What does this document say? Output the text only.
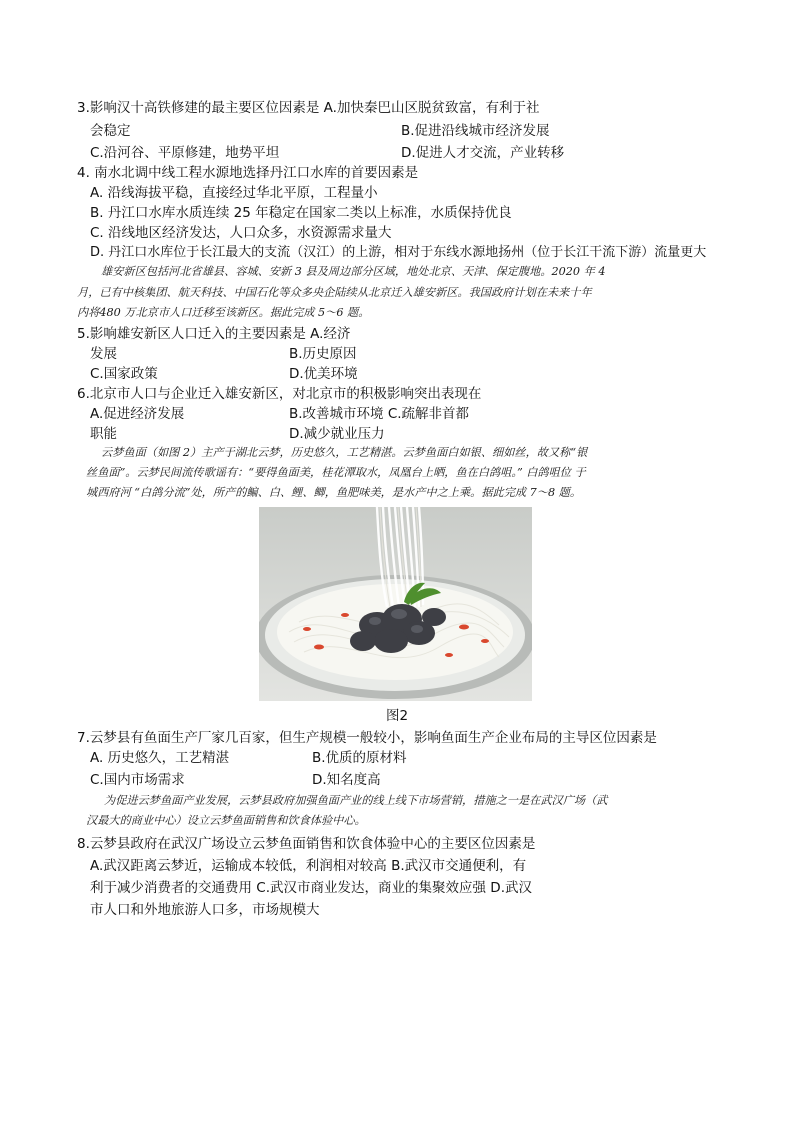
3.影响汉十高铁修建的最主要区位因素是 A.加快秦巴山区脱贫致富，有利于社
会稳定	B.促进沿线城市经济发展
C.沿河谷、平原修建，地势平坦	D.促进人才交流，产业转移
4. 南水北调中线工程水源地选择丹江口水库的首要因素是
A. 沿线海拔平稳，直接经过华北平原，工程量小
B. 丹江口水库水质连续 25 年稳定在国家二类以上标准，水质保持优良
C. 沿线地区经济发达，人口众多，水资源需求量大
D. 丹江口水库位于长江最大的支流（汉江）的上游，相对于东线水源地扬州（位于长江干流下游）流量更大
雄安新区包括河北省雄县、容城、安新 3 县及周边部分区域，地处北京、天津、保定腹地。2020 年 4
月，已有中核集团、航天科技、中国石化等众多央企陆续从北京迁入雄安新区。我国政府计划在未来十年
内将480 万北京市人口迁移至该新区。据此完成 5～6 题。
5.影响雄安新区人口迁入的主要因素是 A.经济
发展	B.历史原因
C.国家政策	D.优美环境
6.北京市人口与企业迁入雄安新区，对北京市的积极影响突出表现在
A.促进经济发展	B.改善城市环境 C.疏解非首都
职能	D.减少就业压力
云梦鱼面（如图 2）主产于湖北云梦，历史悠久，工艺精湛。云梦鱼面白如银、细如丝，故又称“银
丝鱼面”。云梦民间流传歌谣有：“要得鱼面美，桂花潭取水，凤凰台上晒，鱼在白鸽咀。” 白鸽咀位 于
城西府河 “白鸽分流”处，所产的鳊、白、鲤、鲫，鱼肥味美，是水产中之上乘。据此完成 7～8 题。
图2
7.云梦县有鱼面生产厂家几百家，但生产规模一般较小，影响鱼面生产企业布局的主导区位因素是
A. 历史悠久，工艺精湛	B.优质的原材料
C.国内市场需求	D.知名度高
为促进云梦鱼面产业发展，云梦县政府加强鱼面产业的线上线下市场营销，措施之一是在武汉广场（武
汉最大的商业中心）设立云梦鱼面销售和饮食体验中心。
8.云梦县政府在武汉广场设立云梦鱼面销售和饮食体验中心的主要区位因素是
A.武汉距离云梦近，运输成本较低，利润相对较高 B.武汉市交通便利，有
利于减少消费者的交通费用 C.武汉市商业发达，商业的集聚效应强 D.武汉
市人口和外地旅游人口多，市场规模大
